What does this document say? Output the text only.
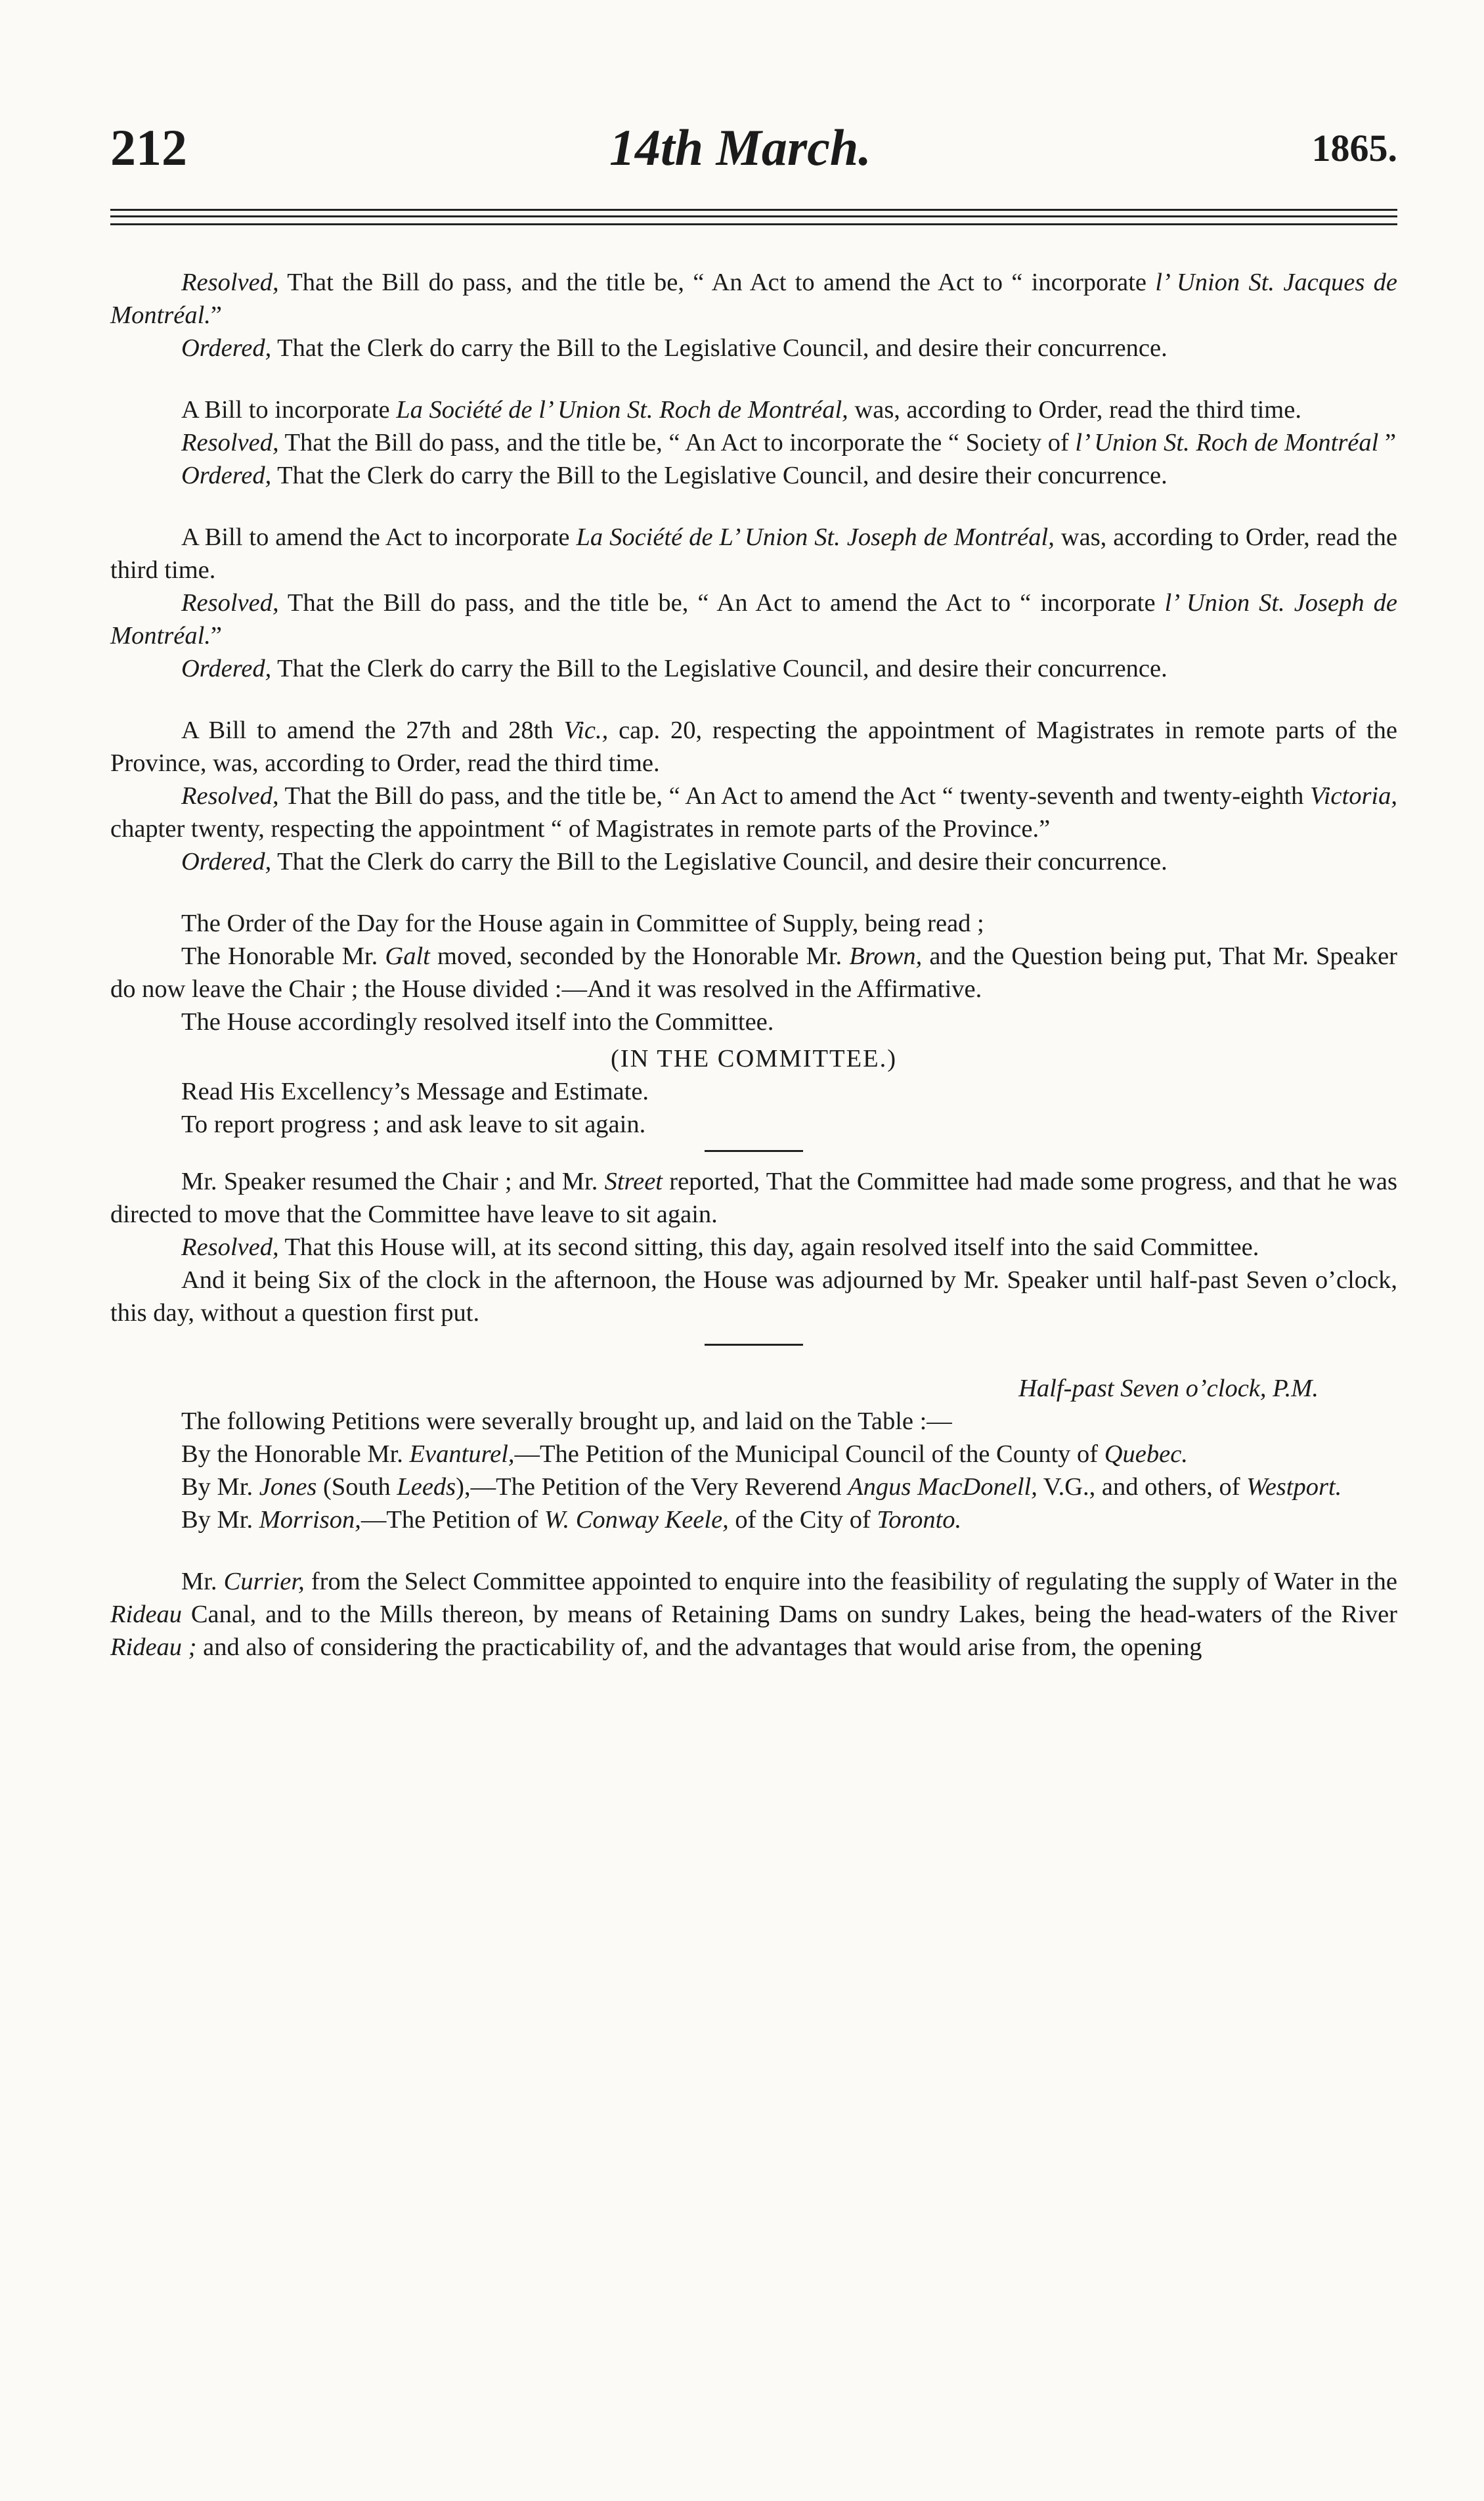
212	14th March.	1865.

Resolved, That the Bill do pass, and the title be, “ An Act to amend the Act to “ incorporate l’ Union St. Jacques de Montréal.”

Ordered, That the Clerk do carry the Bill to the Legislative Council, and desire their concurrence.

A Bill to incorporate La Société de l’ Union St. Roch de Montréal, was, according to Order, read the third time.

Resolved, That the Bill do pass, and the title be, “ An Act to incorporate the “ Society of l’ Union St. Roch de Montréal ”

Ordered, That the Clerk do carry the Bill to the Legislative Council, and desire their concurrence.

A Bill to amend the Act to incorporate La Société de L’ Union St. Joseph de Montréal, was, according to Order, read the third time.

Resolved, That the Bill do pass, and the title be, “ An Act to amend the Act to “ incorporate l’ Union St. Joseph de Montréal.”

Ordered, That the Clerk do carry the Bill to the Legislative Council, and desire their concurrence.

A Bill to amend the 27th and 28th Vic., cap. 20, respecting the appointment of Magistrates in remote parts of the Province, was, according to Order, read the third time.

Resolved, That the Bill do pass, and the title be, “ An Act to amend the Act “ twenty-seventh and twenty-eighth Victoria, chapter twenty, respecting the appointment “ of Magistrates in remote parts of the Province.”

Ordered, That the Clerk do carry the Bill to the Legislative Council, and desire their concurrence.

The Order of the Day for the House again in Committee of Supply, being read ;

The Honorable Mr. Galt moved, seconded by the Honorable Mr. Brown, and the Question being put, That Mr. Speaker do now leave the Chair ; the House divided :—And it was resolved in the Affirmative.

The House accordingly resolved itself into the Committee.

(IN THE COMMITTEE.)

Read His Excellency’s Message and Estimate.

To report progress ; and ask leave to sit again.

Mr. Speaker resumed the Chair ; and Mr. Street reported, That the Committee had made some progress, and that he was directed to move that the Committee have leave to sit again.

Resolved, That this House will, at its second sitting, this day, again resolved itself into the said Committee.

And it being Six of the clock in the afternoon, the House was adjourned by Mr. Speaker until half-past Seven o’clock, this day, without a question first put.

Half-past Seven o’clock, P.M.

The following Petitions were severally brought up, and laid on the Table :—

By the Honorable Mr. Evanturel,—The Petition of the Municipal Council of the County of Quebec.

By Mr. Jones (South Leeds),—The Petition of the Very Reverend Angus MacDonell, V.G., and others, of Westport.

By Mr. Morrison,—The Petition of W. Conway Keele, of the City of Toronto.

Mr. Currier, from the Select Committee appointed to enquire into the feasibility of regulating the supply of Water in the Rideau Canal, and to the Mills thereon, by means of Retaining Dams on sundry Lakes, being the head-waters of the River Rideau ; and also of considering the practicability of, and the advantages that would arise from, the opening
